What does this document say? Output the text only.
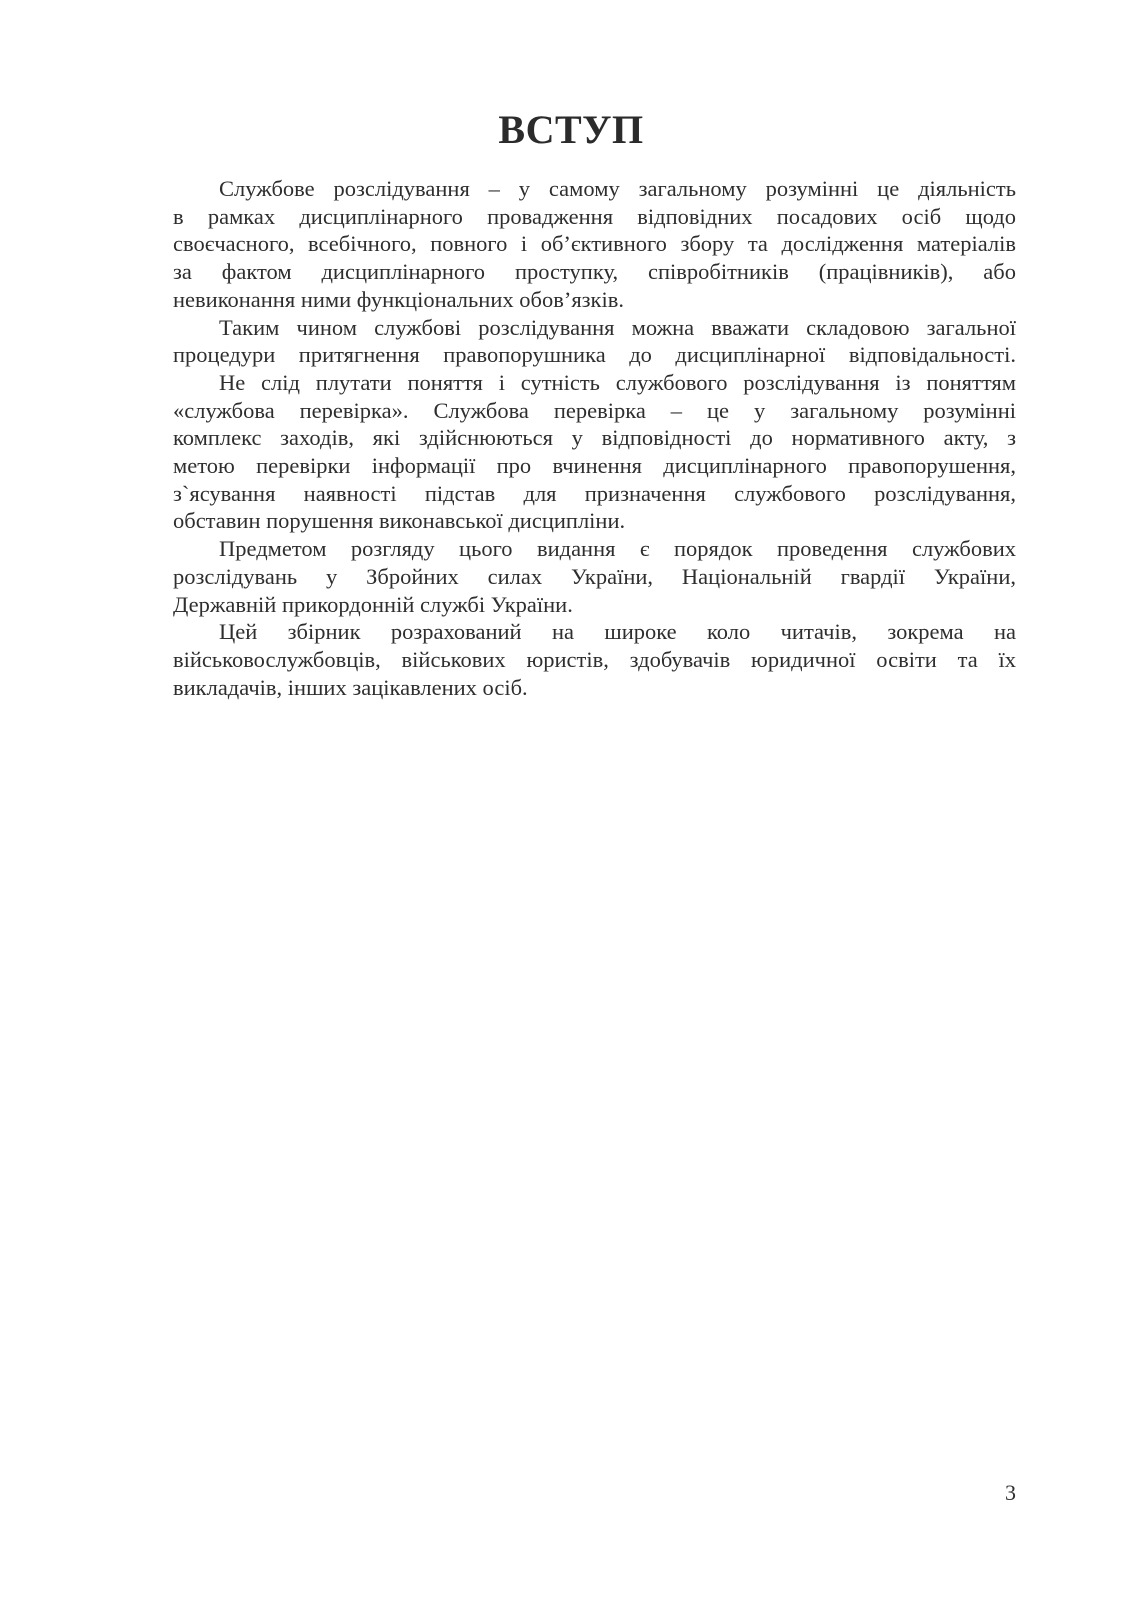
ВСТУП
Службове розслідування – у самому загальному розумінні це діяльність
в рамках дисциплінарного провадження відповідних посадових осіб щодо
своєчасного, всебічного, повного і об’єктивного збору та дослідження матеріалів
за фактом дисциплінарного проступку, співробітників (працівників), або
невиконання ними функціональних обов’язків.
Таким чином службові розслідування можна вважати складовою загальної
процедури притягнення правопорушника до дисциплінарної відповідальності.
Не слід плутати поняття і сутність службового розслідування із поняттям
«службова перевірка». Службова перевірка – це у загальному розумінні
комплекс заходів, які здійснюються у відповідності до нормативного акту, з
метою перевірки інформації про вчинення дисциплінарного правопорушення,
з`ясування наявності підстав для призначення службового розслідування,
обставин порушення виконавської дисципліни.
Предметом розгляду цього видання є порядок проведення службових
розслідувань у Збройних силах України, Національній гвардії України,
Державній прикордонній службі України.
Цей збірник розрахований на широке коло читачів, зокрема на
військовослужбовців, військових юристів, здобувачів юридичної освіти та їх
викладачів, інших зацікавлених осіб.
3
